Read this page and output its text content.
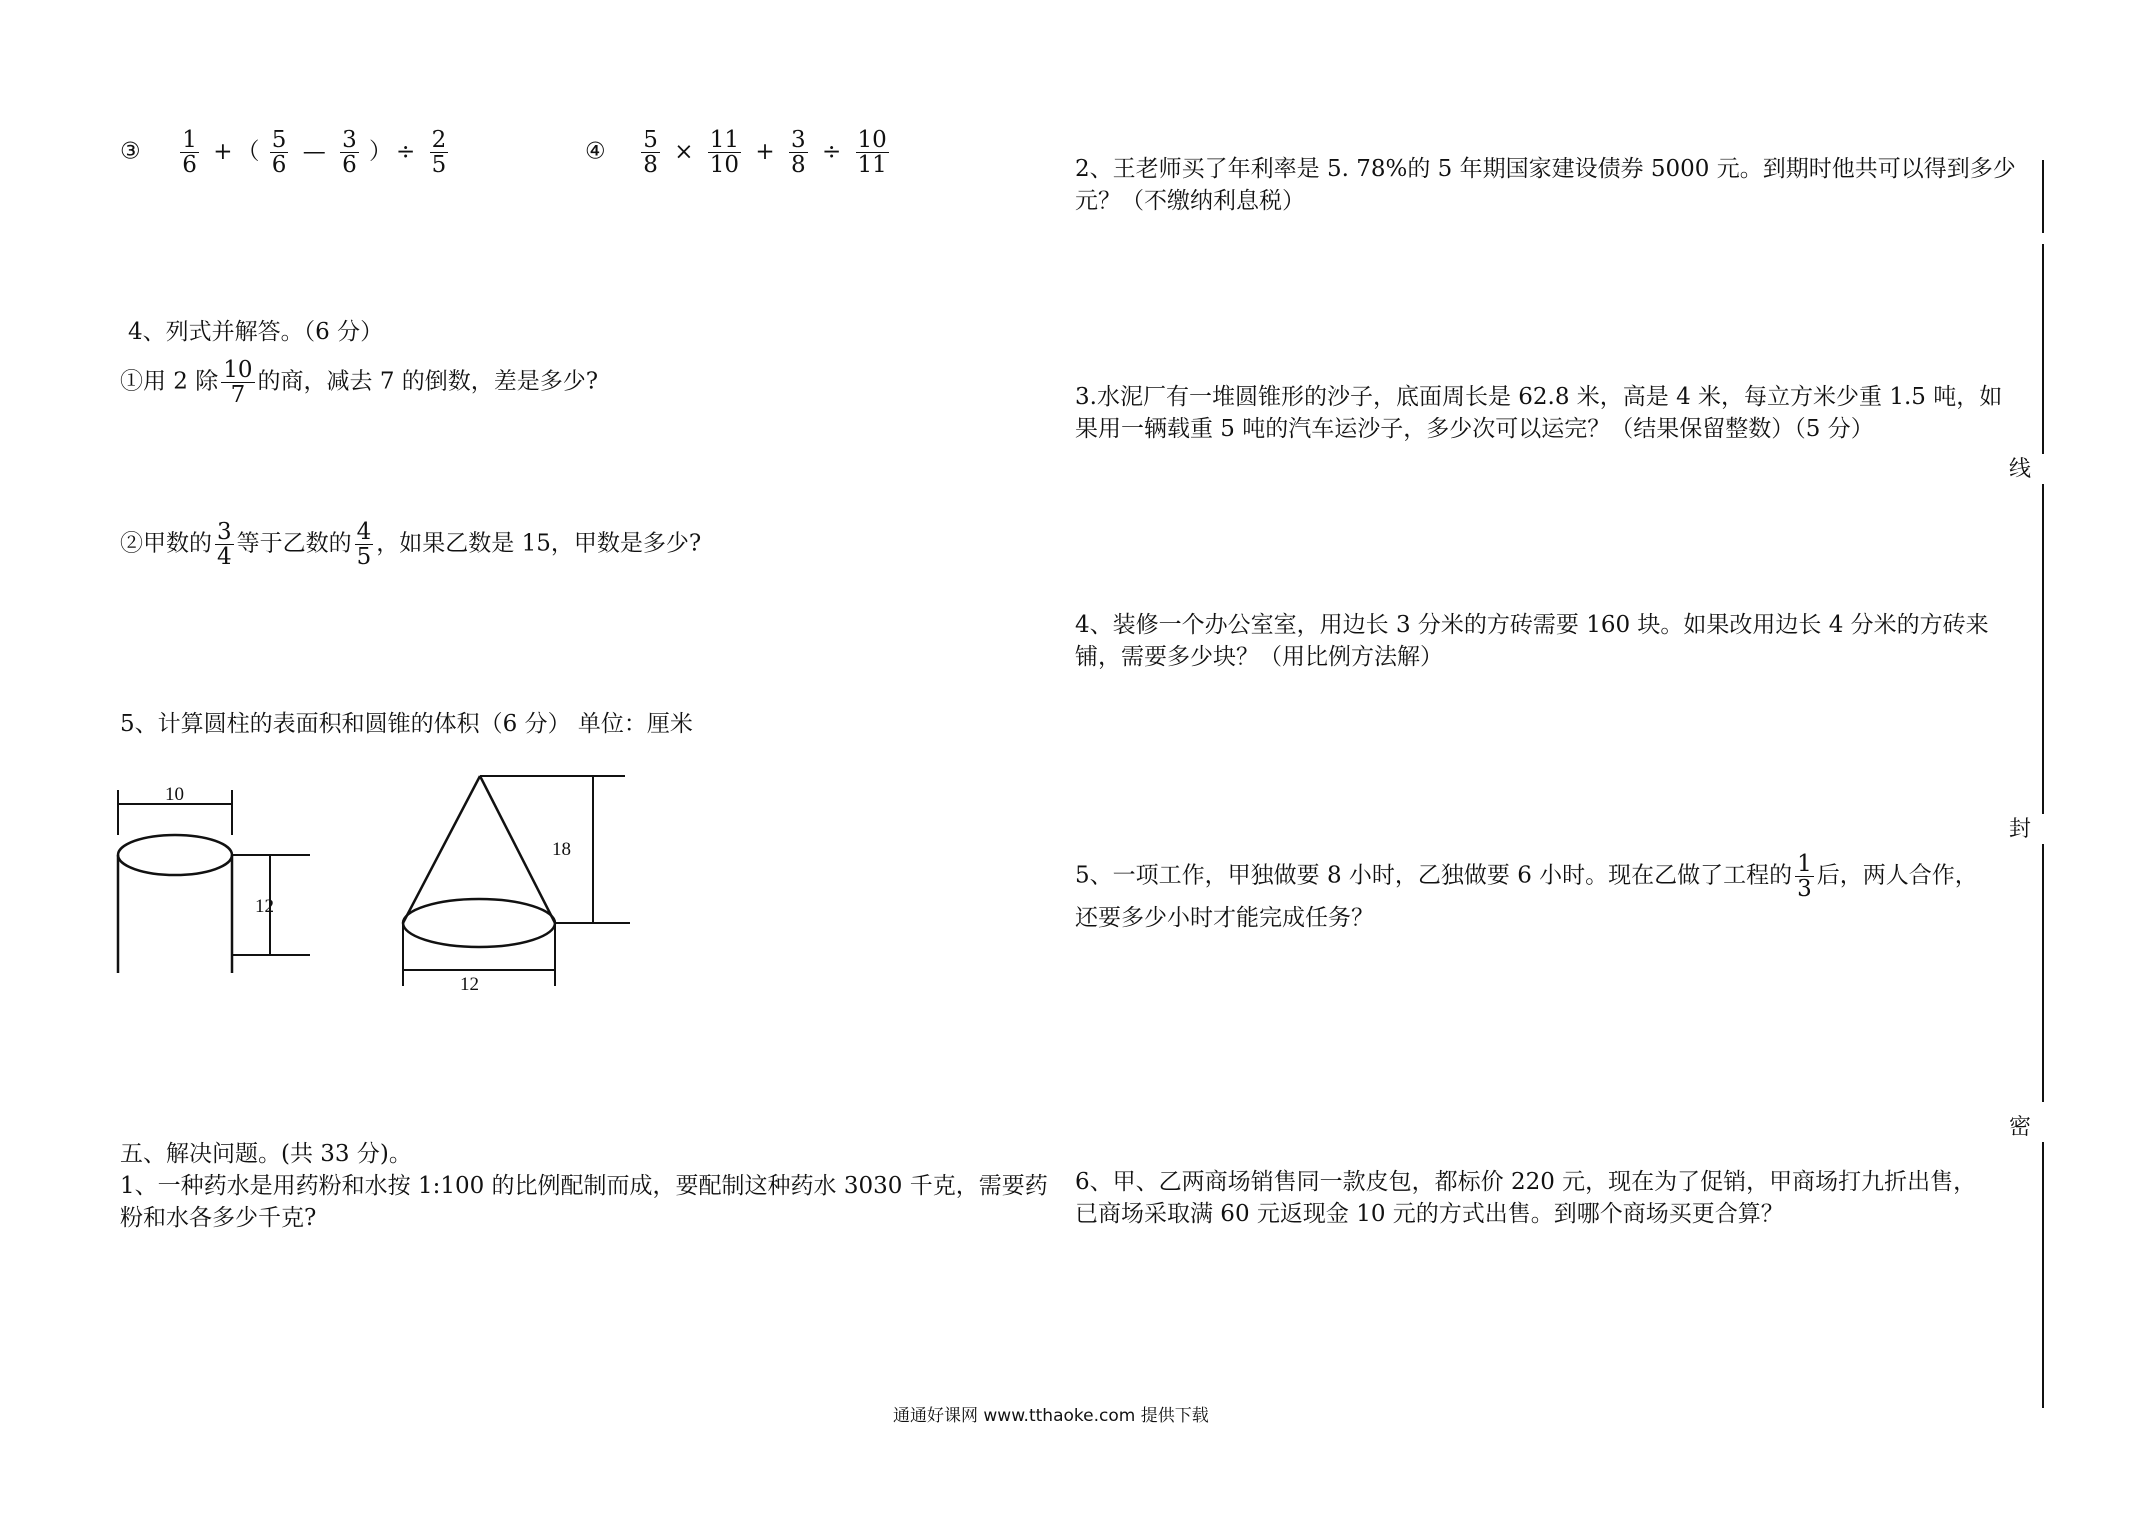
③ $\frac{1}{6}$ + （ $\frac{5}{6}$ — $\frac{3}{6}$ ） ÷ $\frac{2}{5}$	④ $\frac{5}{8} \times \frac{11}{10} + \frac{3}{8} \div \frac{10}{11}$
4、列式并解答。（6 分）
①用 2 除 $\frac{10}{7}$ 的商，减去 7 的倒数，差是多少?
②甲数的 $\frac{3}{4}$ 等于乙数的 $\frac{4}{5}$ ，如果乙数是 15，甲数是多少?
5、计算圆柱的表面积和圆锥的体积（6 分） 单位：厘米
10
12
18
12
五、解决问题。(共 33 分)。
1、一种药水是用药粉和水按 1:100 的比例配制而成，要配制这种药水 3030 千克，需要药
粉和水各多少千克?
2、王老师买了年利率是 5. 78%的 5 年期国家建设债券 5000 元。到期时他共可以得到多少
元？（不缴纳利息税）
3.水泥厂有一堆圆锥形的沙子，底面周长是 62.8 米，高是 4 米，每立方米少重 1.5 吨，如
果用一辆载重 5 吨的汽车运沙子，多少次可以运完？（结果保留整数）（5 分）
4、装修一个办公室室，用边长 3 分米的方砖需要 160 块。如果改用边长 4 分米的方砖来
铺，需要多少块？（用比例方法解）
5、一项工作，甲独做要 8 小时，乙独做要 6 小时。现在乙做了工程的 $\frac{1}{3}$ 后，两人合作，
还要多少小时才能完成任务？
6、甲、乙两商场销售同一款皮包，都标价 220 元，现在为了促销，甲商场打九折出售，
已商场采取满 60 元返现金 10 元的方式出售。到哪个商场买更合算？
线
封
密
通通好课网 www.tthaoke.com 提供下载
